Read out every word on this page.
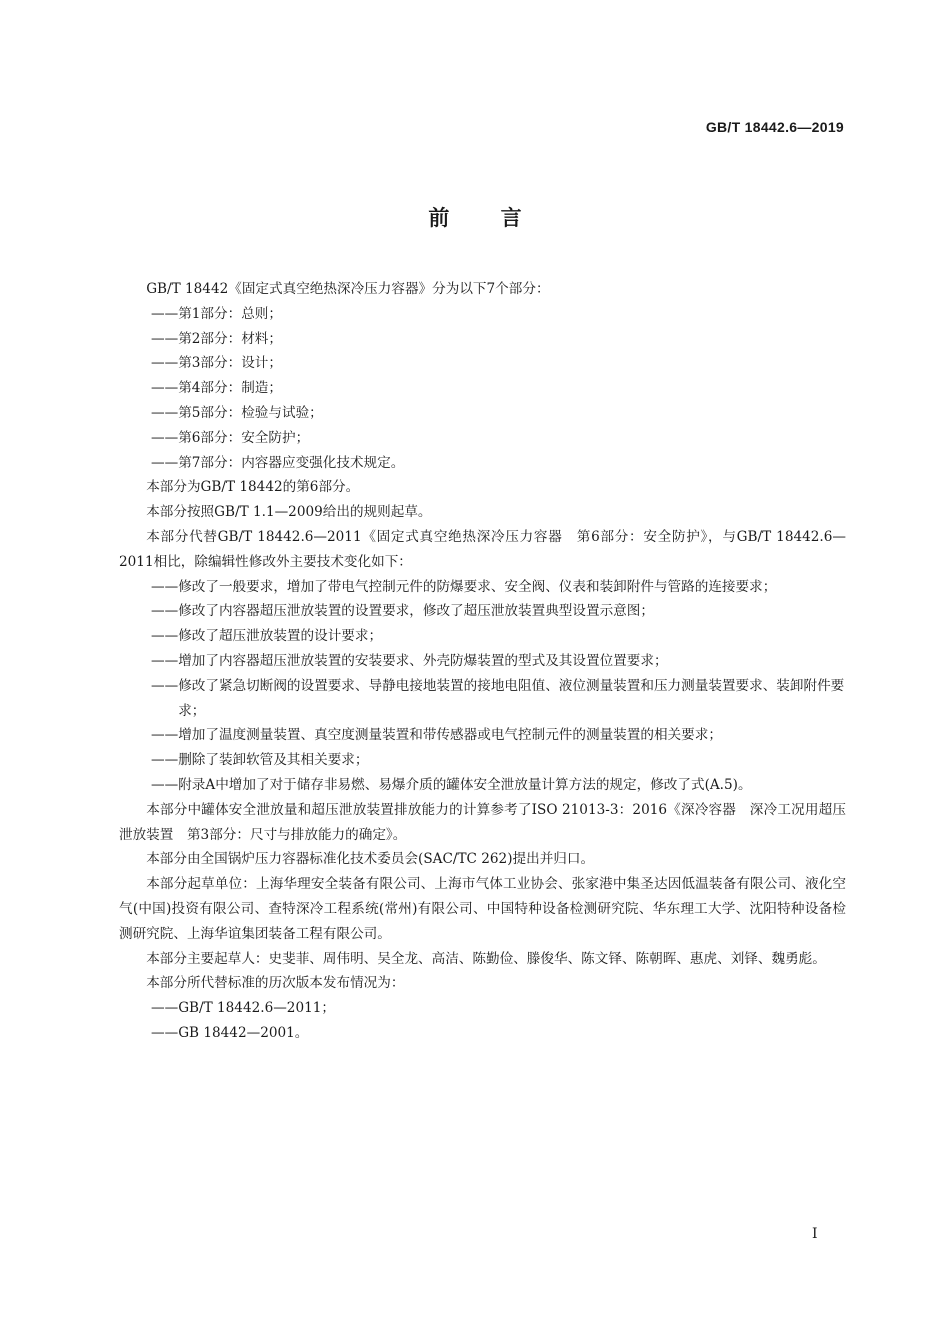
GB/T 18442.6—2019
前 言

GB/T 18442《固定式真空绝热深冷压力容器》分为以下7个部分：

—— 第1部分：总则；

—— 第2部分：材料；

—— 第3部分：设计；

—— 第4部分：制造；

—— 第5部分：检验与试验；

—— 第6部分：安全防护；

—— 第7部分：内容器应变强化技术规定。

本部分为GB/T 18442的第6部分。

本部分按照GB/T 1.1—2009给出的规则起草。

本部分代替GB/T 18442.6—2011《固定式真空绝热深冷压力容器　第6部分：安全防护》，与GB/T 18442.6—2011相比，除编辑性修改外主要技术变化如下：

—— 修改了一般要求，增加了带电气控制元件的防爆要求、安全阀、仪表和装卸附件与管路的连接要求；

—— 修改了内容器超压泄放装置的设置要求，修改了超压泄放装置典型设置示意图；

—— 修改了超压泄放装置的设计要求；

—— 增加了内容器超压泄放装置的安装要求、外壳防爆装置的型式及其设置位置要求；

—— 修改了紧急切断阀的设置要求、导静电接地装置的接地电阻值、液位测量装置和压力测量装置要求、装卸附件要求；

—— 增加了温度测量装置、真空度测量装置和带传感器或电气控制元件的测量装置的相关要求；

—— 删除了装卸软管及其相关要求；

—— 附录A中增加了对于储存非易燃、易爆介质的罐体安全泄放量计算方法的规定，修改了式(A.5)。

本部分中罐体安全泄放量和超压泄放装置排放能力的计算参考了ISO 21013-3：2016《深冷容器　深冷工况用超压泄放装置　第3部分：尺寸与排放能力的确定》。

本部分由全国锅炉压力容器标准化技术委员会(SAC/TC 262)提出并归口。

本部分起草单位：上海华理安全装备有限公司、上海市气体工业协会、张家港中集圣达因低温装备有限公司、液化空气(中国)投资有限公司、查特深冷工程系统(常州)有限公司、中国特种设备检测研究院、华东理工大学、沈阳特种设备检测研究院、上海华谊集团装备工程有限公司。

本部分主要起草人：史斐菲、周伟明、吴全龙、高洁、陈勤俭、滕俊华、陈文铎、陈朝晖、惠虎、刘铎、魏勇彪。

本部分所代替标准的历次版本发布情况为：

—— GB/T 18442.6—2011；

—— GB 18442—2001。

I
